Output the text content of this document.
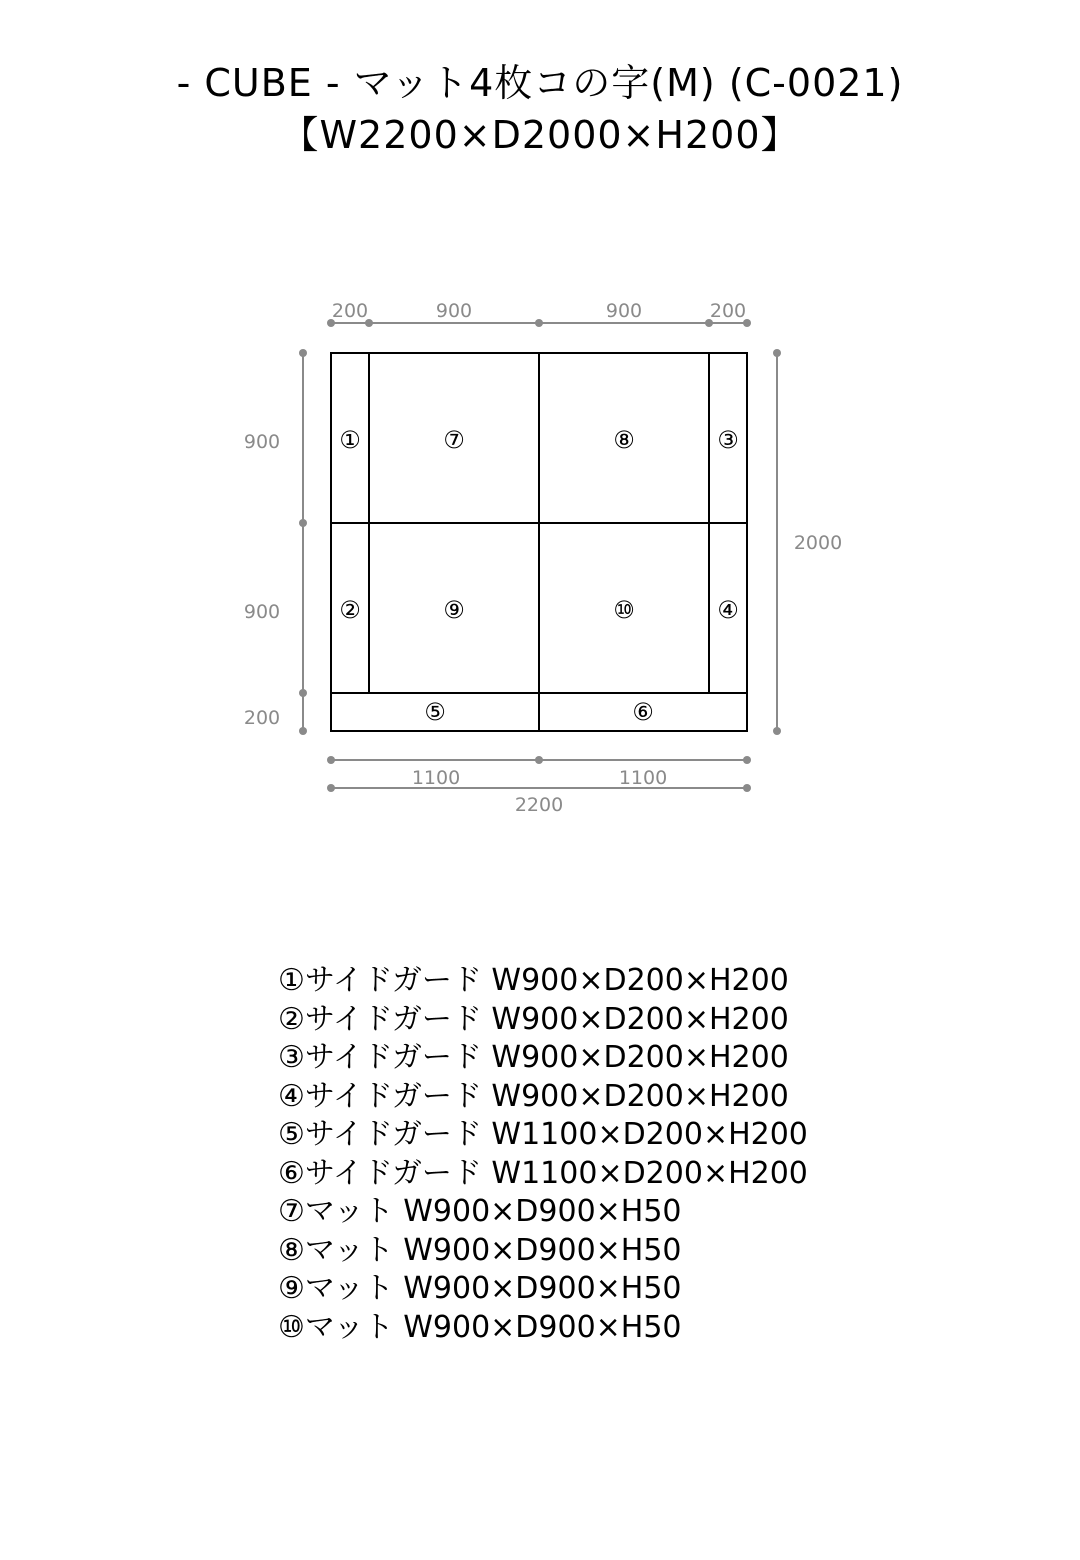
- CUBE - マット4枚コの字(M) (C-0021)
【W2200×D2000×H200】
200	900	900	200
900
900
200
2000
1100	1100
2200
①
②
③
④
⑤	⑥
⑦	⑧
⑨	⑩
①サイドガード W900×D200×H200
②サイドガード W900×D200×H200
③サイドガード W900×D200×H200
④サイドガード W900×D200×H200
⑤サイドガード W1100×D200×H200
⑥サイドガード W1100×D200×H200
⑦マット W900×D900×H50
⑧マット W900×D900×H50
⑨マット W900×D900×H50
⑩マット W900×D900×H50
